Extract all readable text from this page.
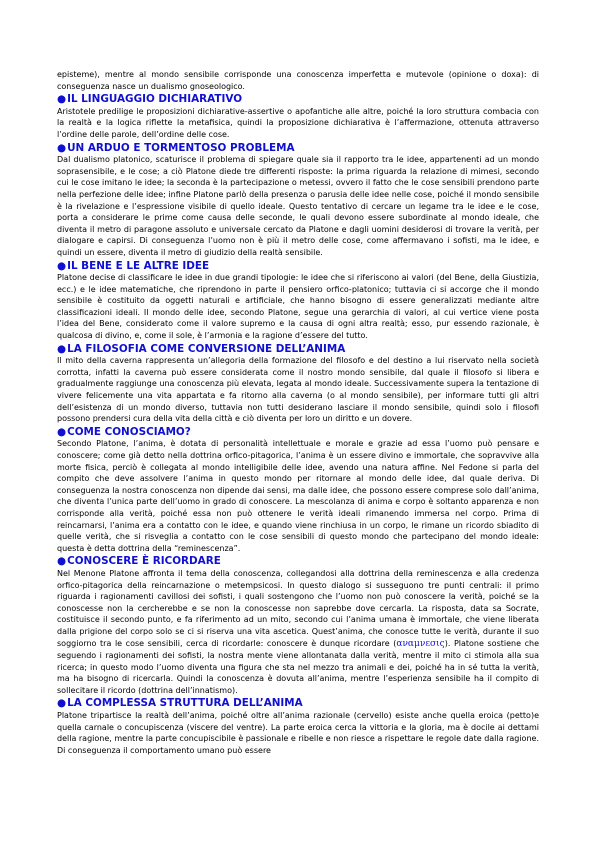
episteme), mentre al mondo sensibile corrisponde una conoscenza imperfetta e mutevole (opinione o doxa): di conseguenza nasce un dualismo gnoseologico.

●IL LINGUAGGIO DICHIARATIVO

Aristotele predilige le proposizioni dichiarative-assertive o apofantiche alle altre, poiché la loro struttura combacia con la realtà e la logica riflette la metafisica, quindi la proposizione dichiarativa è l’affermazione, ottenuta attraverso l’ordine delle parole, dell’ordine delle cose.

●UN ARDUO E TORMENTOSO PROBLEMA

Dal dualismo platonico, scaturisce il problema di spiegare quale sia il rapporto tra le idee, appartenenti ad un mondo soprasensibile, e le cose; a ciò Platone diede tre differenti risposte: la prima riguarda la relazione di mimesi, secondo cui le cose imitano le idee; la seconda è la partecipazione o metessi, ovvero il fatto che le cose sensibili prendono parte nella perfezione delle idee; infine Platone parlò della presenza o parusia delle idee nelle cose, poiché il mondo sensibile è la rivelazione e l’espressione visibile di quello ideale. Questo tentativo di cercare un legame tra le idee e le cose, porta a considerare le prime come causa delle seconde, le quali devono essere subordinate al mondo ideale, che diventa il metro di paragone assoluto e universale cercato da Platone e dagli uomini desiderosi di trovare la verità, per dialogare e capirsi. Di conseguenza l’uomo non è più il metro delle cose, come affermavano i sofisti, ma le idee, e quindi un essere, diventa il metro di giudizio della realtà sensibile.

●IL BENE E LE ALTRE IDEE

Platone decise di classificare le idee in due grandi tipologie: le idee che si riferiscono ai valori (del Bene, della Giustizia, ecc.) e le idee matematiche, che riprendono in parte il pensiero orfico-platonico; tuttavia ci si accorge che il mondo sensibile è costituito da oggetti naturali e artificiale, che hanno bisogno di essere generalizzati mediante altre classificazioni ideali. Il mondo delle idee, secondo Platone, segue una gerarchia di valori, al cui vertice viene posta l’idea del Bene, considerato come il valore supremo e la causa di ogni altra realtà; esso, pur essendo razionale, è qualcosa di divino, e, come il sole, è l’armonia e la ragione d’essere del tutto.

●LA FILOSOFIA COME CONVERSIONE DELL’ANIMA

Il mito della caverna rappresenta un’allegoria della formazione del filosofo e del destino a lui riservato nella società corrotta, infatti la caverna può essere considerata come il nostro mondo sensibile, dal quale il filosofo si libera e gradualmente raggiunge una conoscenza più elevata, legata al mondo ideale. Successivamente supera la tentazione di vivere felicemente una vita appartata e fa ritorno alla caverna (o al mondo sensibile), per informare tutti gli altri dell’esistenza di un mondo diverso, tuttavia non tutti desiderano lasciare il mondo sensibile, quindi solo i filosofi possono prendersi cura della vita della città e ciò diventa per loro un diritto e un dovere.

●COME CONOSCIAMO?

Secondo Platone, l’anima, è dotata di personalità intellettuale e morale e grazie ad essa l’uomo può pensare e conoscere; come già detto nella dottrina orfico-pitagorica, l’anima è un essere divino e immortale, che sopravvive alla morte fisica, perciò è collegata al mondo intelligibile delle idee, avendo una natura affine. Nel Fedone si parla del compito che deve assolvere l’anima in questo mondo per ritornare al mondo delle idee, dal quale deriva. Di conseguenza la nostra conoscenza non dipende dai sensi, ma dalle idee, che possono essere comprese solo dall’anima, che diventa l’unica parte dell’uomo in grado di conoscere. La mescolanza di anima e corpo è soltanto apparenza e non corrisponde alla verità, poiché essa non può ottenere le verità ideali rimanendo immersa nel corpo. Prima di reincarnarsi, l’anima era a contatto con le idee, e quando viene rinchiusa in un corpo, le rimane un ricordo sbiadito di quelle verità, che si risveglia a contatto con le cose sensibili di questo mondo che partecipano del mondo ideale: questa è detta dottrina della “reminescenza”.

●CONOSCERE È RICORDARE

Nel Menone Platone affronta il tema della conoscenza, collegandosi alla dottrina della reminescenza e alla credenza orfico-pitagorica della reincarnazione o metempsicosi. In questo dialogo si susseguono tre punti centrali: il primo riguarda i ragionamenti cavillosi dei sofisti, i quali sostengono che l’uomo non può conoscere la verità, poiché se la conoscesse non la cercherebbe e se non la conoscesse non saprebbe dove cercarla. La risposta, data sa Socrate, costituisce il secondo punto, e fa riferimento ad un mito, secondo cui l’anima umana è immortale, che viene liberata dalla prigione del corpo solo se ci si riserva una vita ascetica. Quest’anima, che conosce tutte le verità, durante il suo soggiorno tra le cose sensibili, cerca di ricordarle: conoscere è dunque ricordare (αναμνεσις). Platone sostiene che seguendo i ragionamenti dei sofisti, la nostra mente viene allontanata dalla verità, mentre il mito ci stimola alla sua ricerca; in questo modo l’uomo diventa una figura che sta nel mezzo tra animali e dei, poiché ha in sé tutta la verità, ma ha bisogno di ricercarla. Quindi la conoscenza è dovuta all’anima, mentre l’esperienza sensibile ha il compito di sollecitare il ricordo (dottrina dell’innatismo).

●LA COMPLESSA STRUTTURA DELL’ANIMA

Platone tripartisce la realtà dell’anima, poiché oltre all’anima razionale (cervello) esiste anche quella eroica (petto)e quella carnale o concupiscenza (viscere del ventre). La parte eroica cerca la vittoria e la gloria, ma è docile ai dettami della ragione, mentre la parte concupiscibile è passionale e ribelle e non riesce a rispettare le regole date dalla ragione. Di conseguenza il comportamento umano può essere
